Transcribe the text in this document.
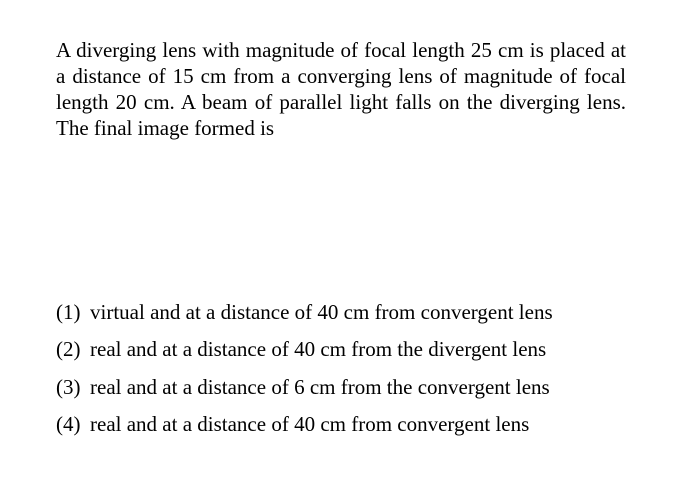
A diverging lens with magnitude of focal length 25 cm is placed at a distance of 15 cm from a converging lens of magnitude of focal length 20 cm. A beam of parallel light falls on the diverging lens. The final image formed is
(1) virtual and at a distance of 40 cm from convergent lens
(2) real and at a distance of 40 cm from the divergent lens
(3) real and at a distance of 6 cm from the convergent lens
(4) real and at a distance of 40 cm from convergent lens
